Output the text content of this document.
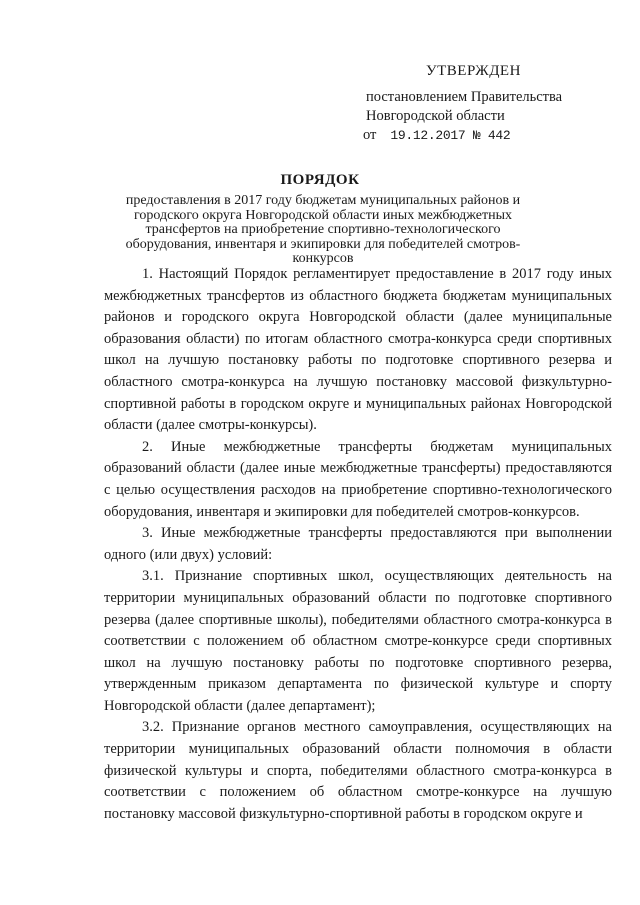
УТВЕРЖДЕН
постановлением Правительства
Новгородской области
от 19.12.2017 № 442
ПОРЯДОК
предоставления в 2017 году бюджетам муниципальных районов и городского округа Новгородской области иных межбюджетных трансфертов на приобретение спортивно-технологического оборудования, инвентаря и экипировки для победителей смотров-конкурсов

1. Настоящий Порядок регламентирует предоставление в 2017 году иных межбюджетных трансфертов из областного бюджета бюджетам муниципальных районов и городского округа Новгородской области (далее муниципальные образования области) по итогам областного смотра-конкурса среди спортивных школ на лучшую постановку работы по подготовке спортивного резерва и областного смотра-конкурса на лучшую постановку массовой физкультурно-спортивной работы в городском округе и муниципальных районах Новгородской области (далее смотры-конкурсы).

2. Иные межбюджетные трансферты бюджетам муниципальных образований области (далее иные межбюджетные трансферты) предоставляются с целью осуществления расходов на приобретение спортивно-технологического оборудования, инвентаря и экипировки для победителей смотров-конкурсов.

3. Иные межбюджетные трансферты предоставляются при выполнении одного (или двух) условий:

3.1. Признание спортивных школ, осуществляющих деятельность на территории муниципальных образований области по подготовке спортивного резерва (далее спортивные школы), победителями областного смотра-конкурса в соответствии с положением об областном смотре-конкурсе среди спортивных школ на лучшую постановку работы по подготовке спортивного резерва, утвержденным приказом департамента по физической культуре и спорту Новгородской области (далее департамент);

3.2. Признание органов местного самоуправления, осуществляющих на территории муниципальных образований области полномочия в области физической культуры и спорта, победителями областного смотра-конкурса в соответствии с положением об областном смотре-конкурсе на лучшую постановку массовой физкультурно-спортивной работы в городском округе и
